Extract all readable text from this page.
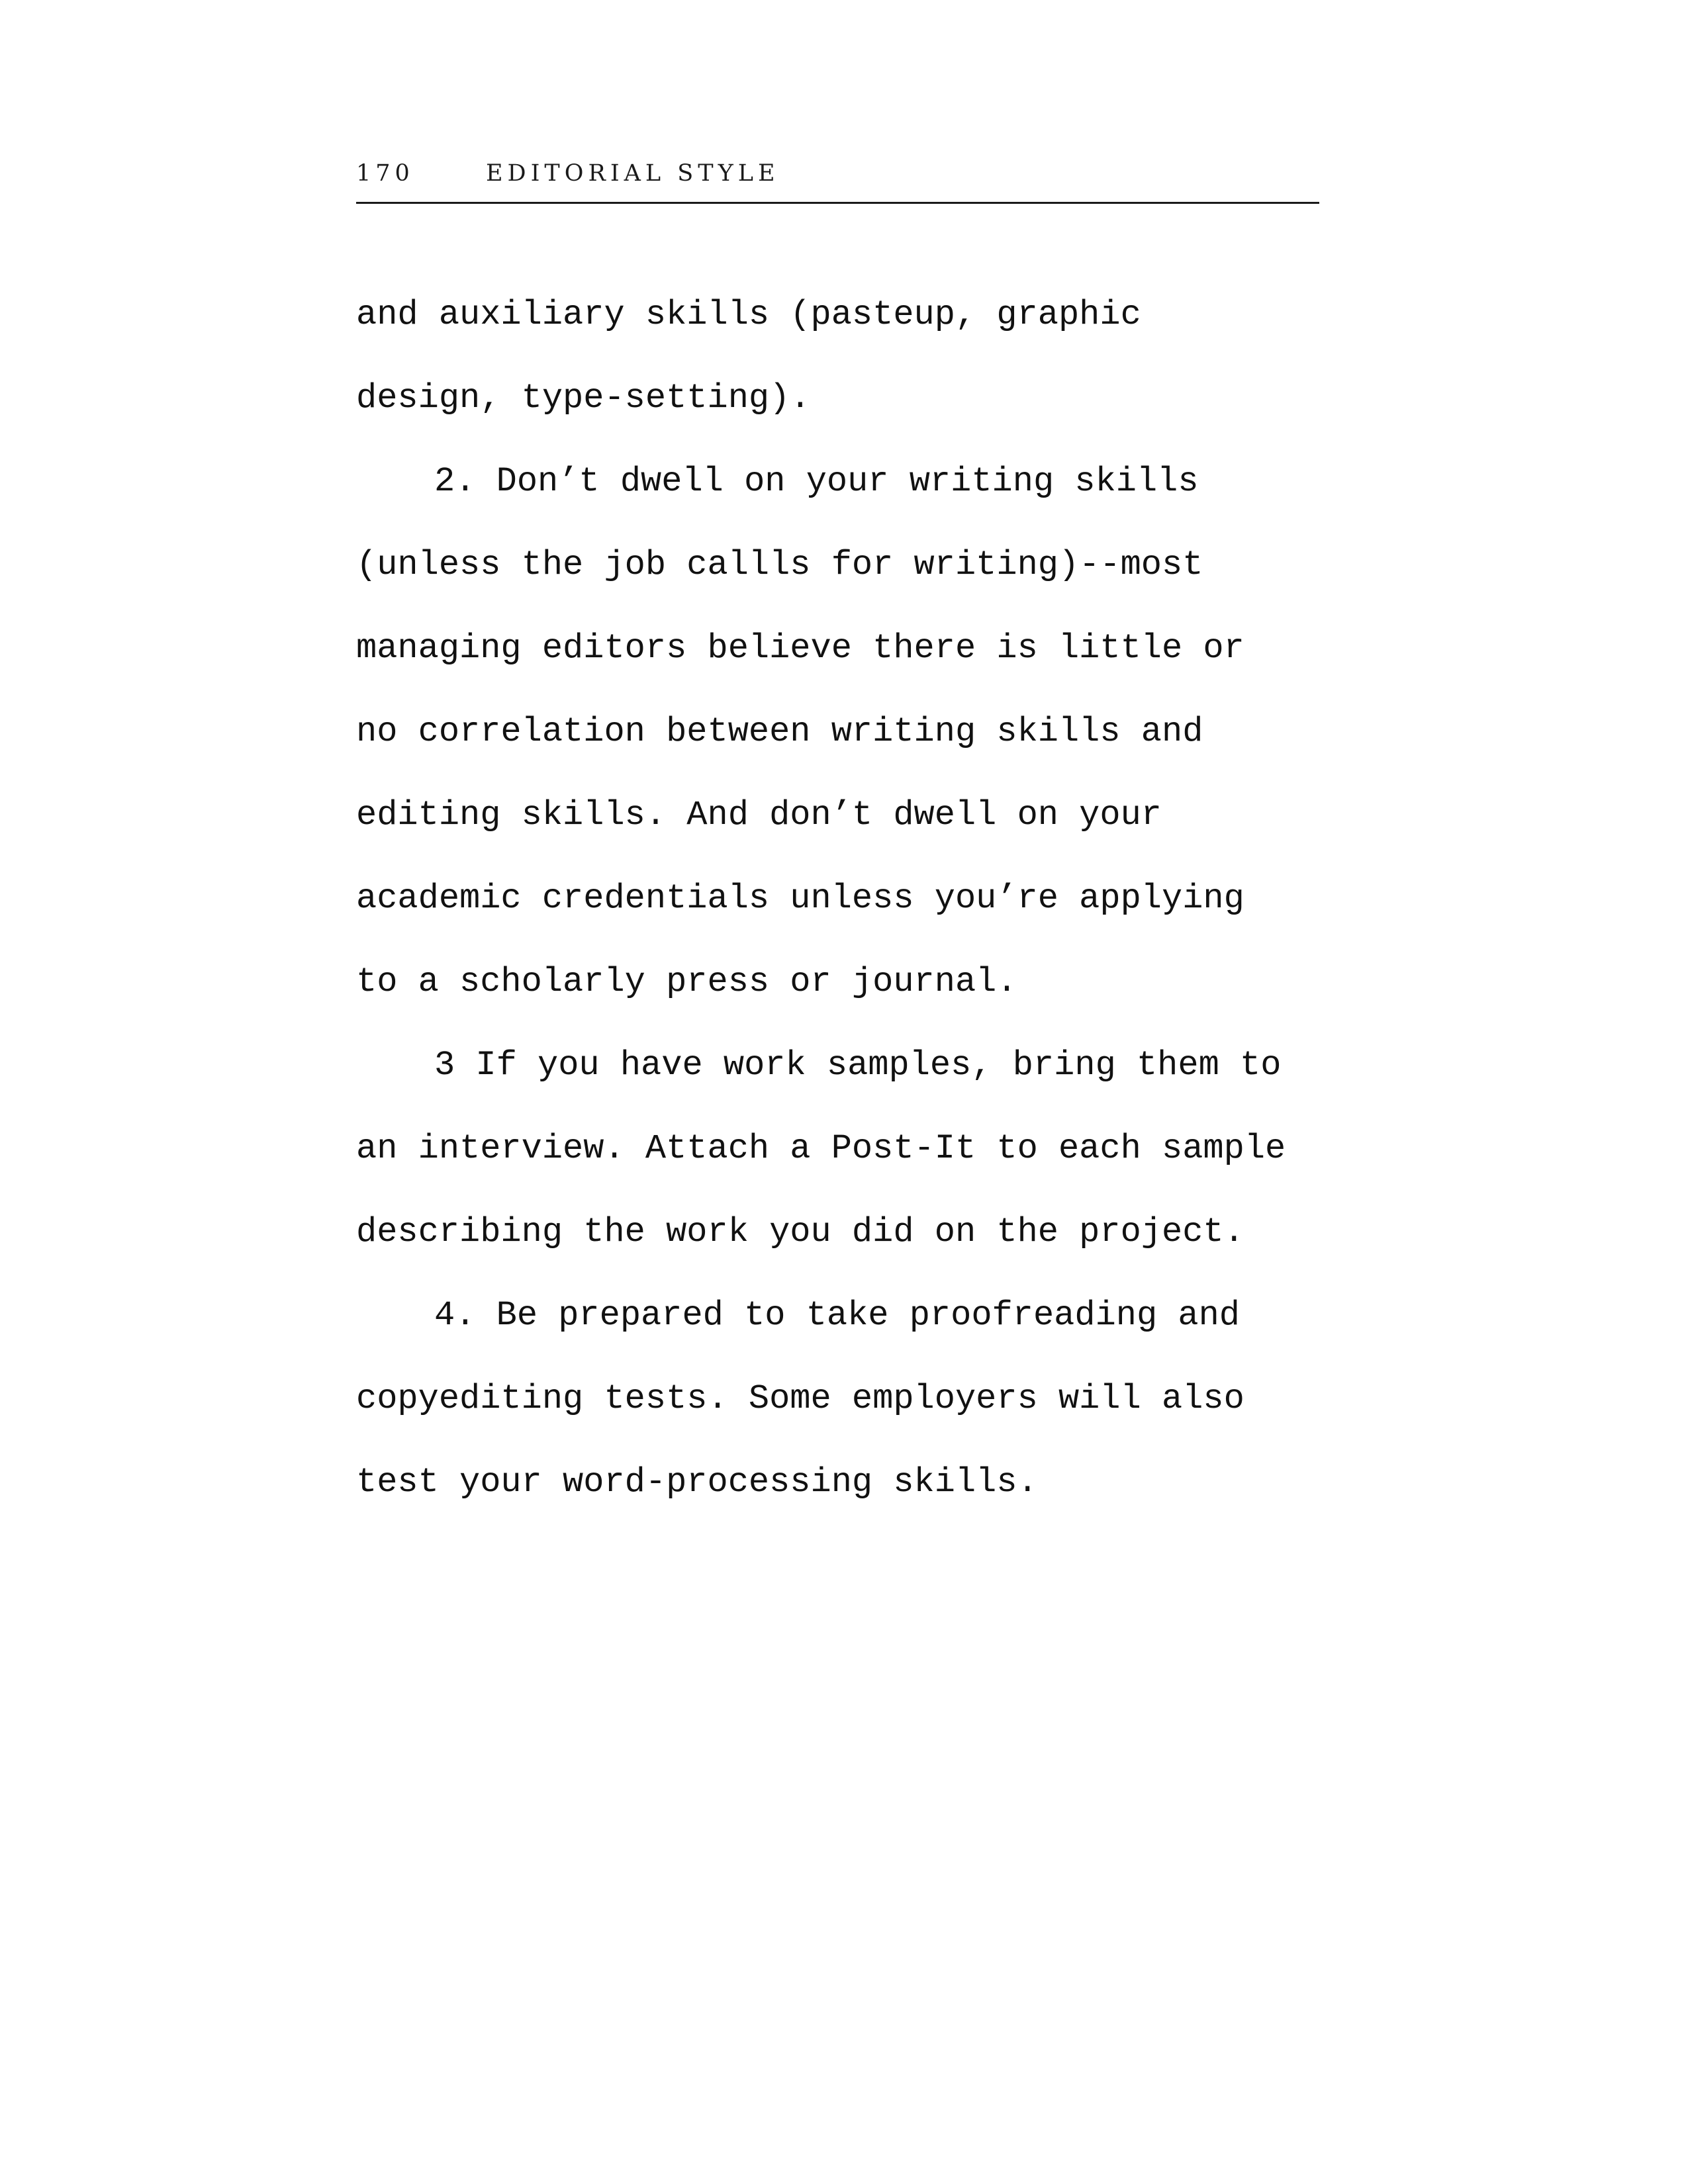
170	EDITORIAL STYLE
and auxiliary skills (pasteup, graphic
design, type-setting).
2. Don’t dwell on your writing skills
(unless the job callls for writing)--most
managing editors believe there is little or
no correlation between writing skills and
editing skills. And don’t dwell on your
academic credentials unless you’re applying
to a scholarly press or journal.
3 If you have work samples, bring them to
an interview. Attach a Post-It to each sample
describing the work you did on the project.
4. Be prepared to take proofreading and
copyediting tests. Some employers will also
test your word-processing skills.
